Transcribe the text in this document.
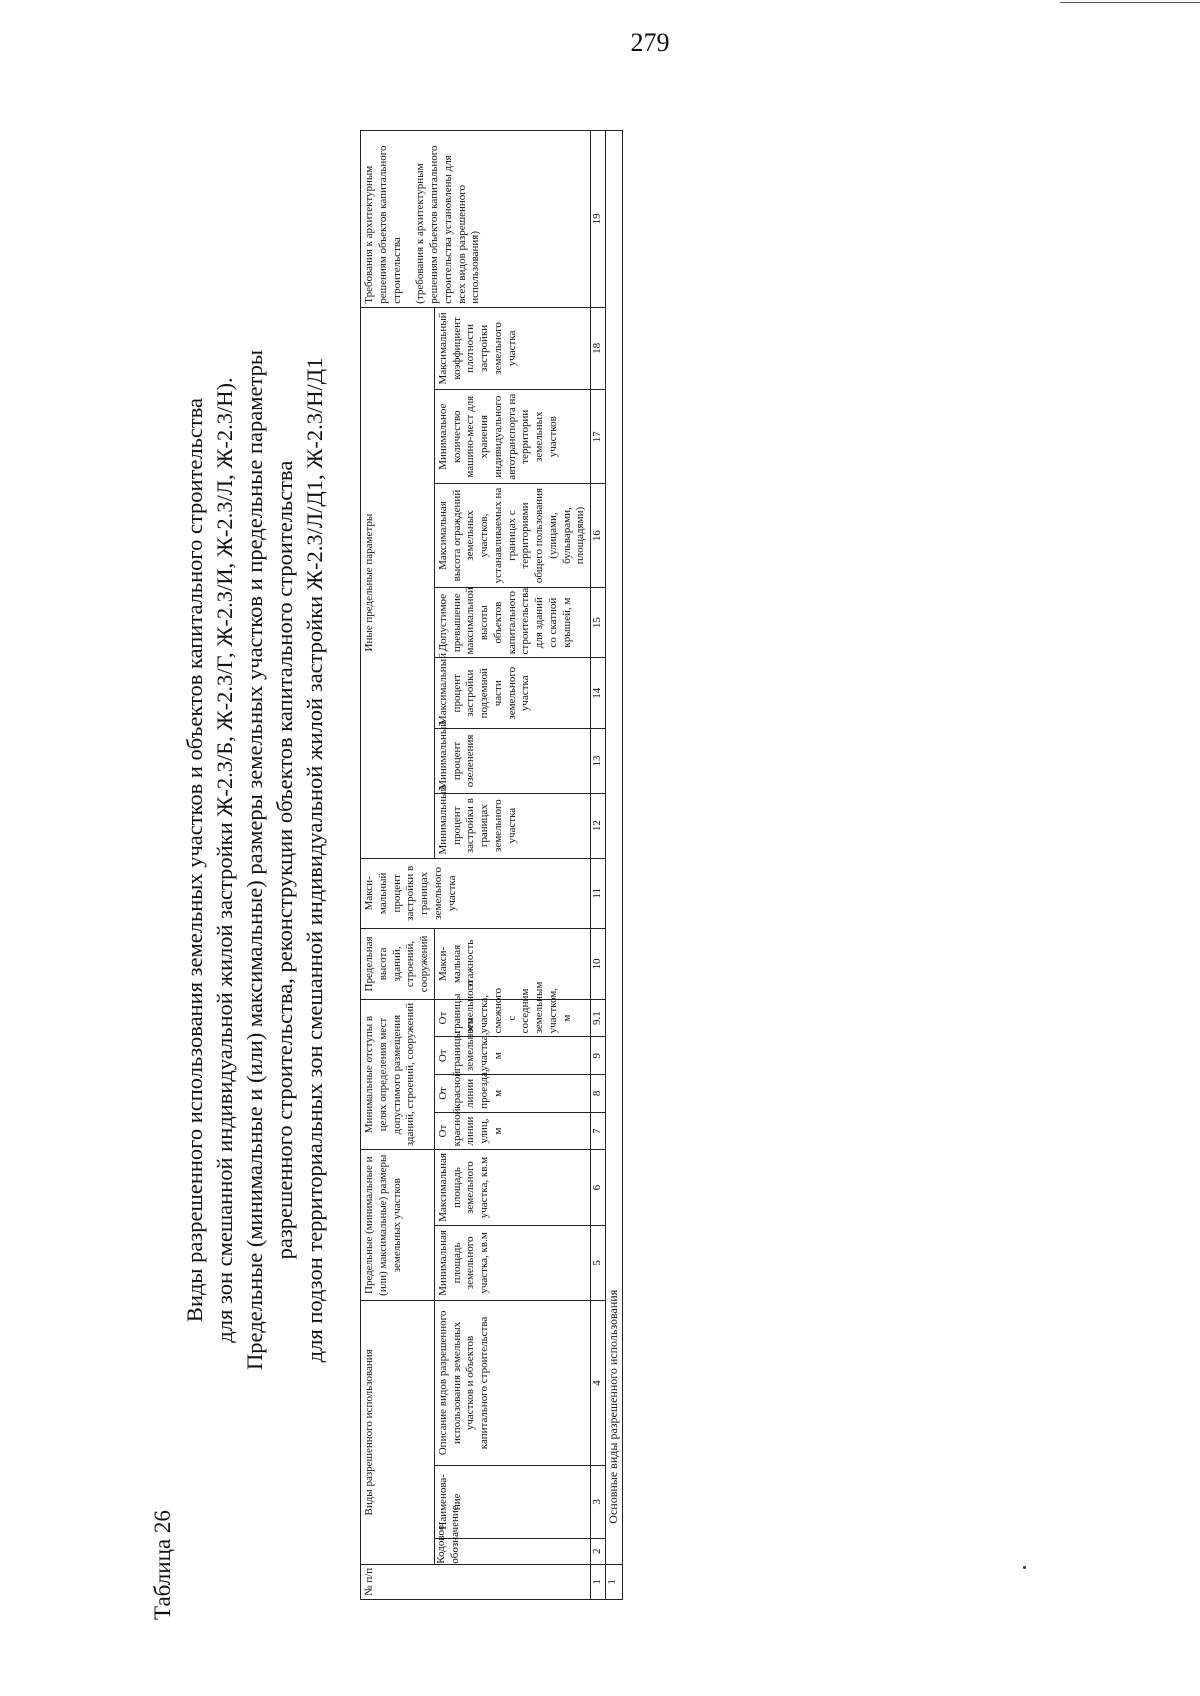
279
Таблица 26
Виды разрешенного использования земельных участков и объектов капитального строительства для зон смешанной индивидуальной жилой застройки Ж-2.3/Б, Ж-2.3/Г, Ж-2.3/И, Ж-2.3/Л, Ж-2.3/Н). Предельные (минимальные и (или) максимальные) размеры земельных участков и предельные параметры разрешенного строительства, реконструкции объектов капитального строительства для подзон территориальных зон смешанной индивидуальной жилой застройки Ж-2.3/Л/Д1, Ж-2.3/Н/Д1
№ п/п	Виды разрешенного использования			Предельные (минимальные и (или) максимальные) размеры земельных участков		Минимальные отступы в целях определения мест допустимого размещения зданий, строений, сооружений				Предельная высота зданий, строений, сооружений	Макси-мальный процент застройки в границах земельного участка	Иные предельные параметры							Требования к архитектурным решениям объектов капитального строительства (требования к архитектурным решениям объектов капитального строительства установлены для всех видов разрешенного использования)

	Кодовое обозначение	Наименова-ние	Описание видов разрешенного использования земельных участков и объектов капитального строительства	Минимальная площадь земельного участка, кв.м	Максимальная площадь земельного участка, кв.м	От красной линии улиц, м	От красной линии проезда, м	От границы земельного участка, м	От границы земельного участка, смежного с соседним земельным участком, м	Макси-мальная этажность		Минимальный процент застройки в границах земельного участка	Минимальный процент озеленения	Максимальный процент застройки подземной части земельного участка	Допустимое превышение максимальной высоты объектов капитального строительства для зданий со скатной крышей, м	Максимальная высота ограждений земельных участков, устанавливаемых на границах с территориями общего пользования (улицами, бульварами, площадями)	Минимальное количество машино-мест для хранения индивидуального автотранспорта на территории земельных участков	Максимальный коэффициент плотности застройки земельного участка	

1	2	3	4	5	6	7	8	9	9.1	10	11	12	13	14	15	16	17	18	19
1	Основные виды разрешенного использования																		
